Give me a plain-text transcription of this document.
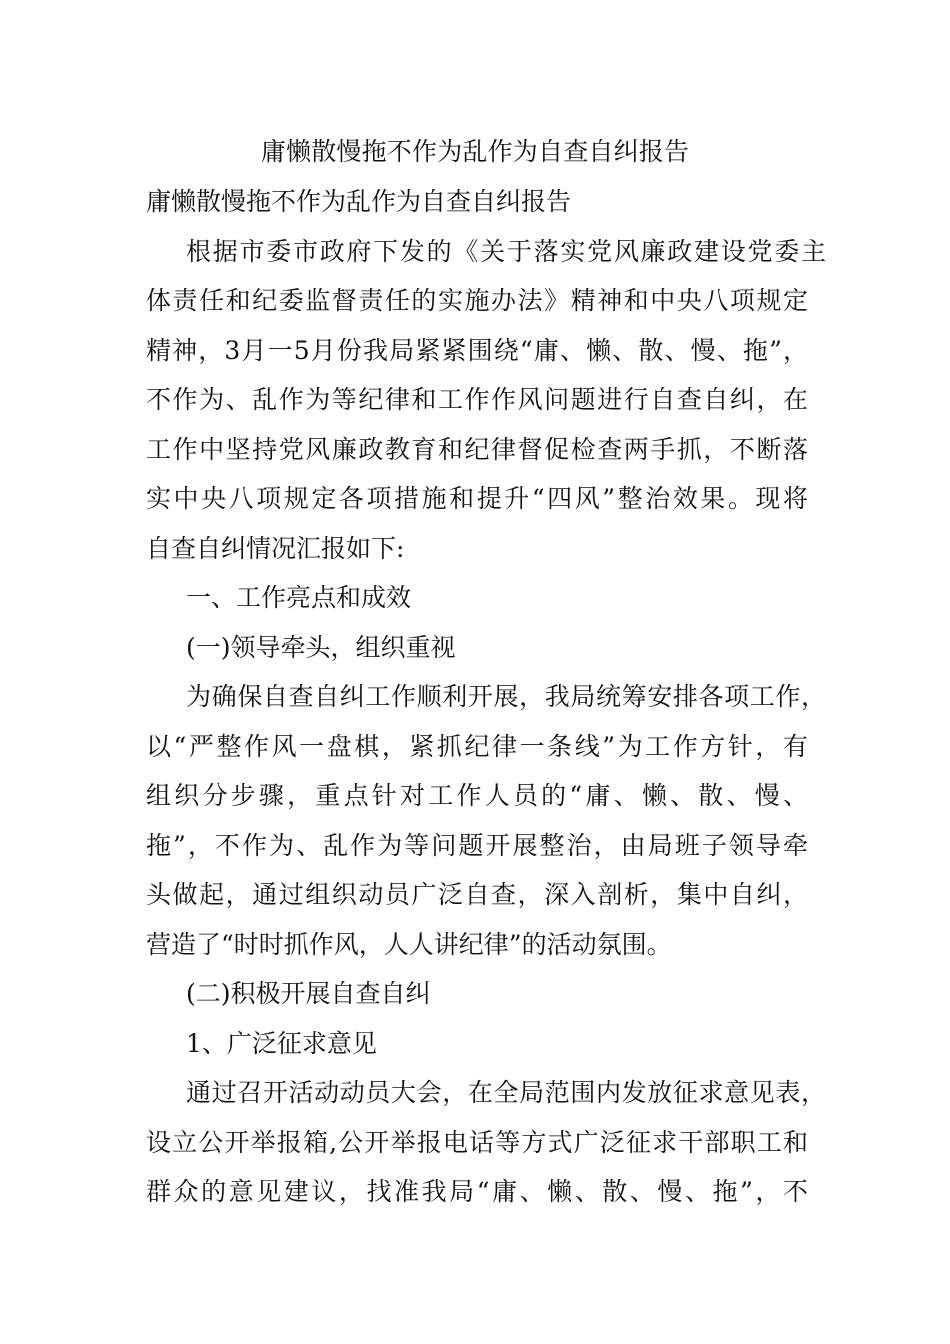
庸懒散慢拖不作为乱作为自查自纠报告
庸懒散慢拖不作为乱作为自查自纠报告
根据市委市政府下发的《关于落实党风廉政建设党委主
体责任和纪委监督责任的实施办法》精神和中央八项规定
精神，3月一5月份我局紧紧围绕“庸、懒、散、慢、拖”，
不作为、乱作为等纪律和工作作风问题进行自查自纠，在
工作中坚持党风廉政教育和纪律督促检查两手抓，不断落
实中央八项规定各项措施和提升“四风”整治效果。现将
自查自纠情况汇报如下:
一、工作亮点和成效
(一)领导牵头，组织重视
为确保自查自纠工作顺利开展，我局统筹安排各项工作，
以“严整作风一盘棋，紧抓纪律一条线”为工作方针，有
组织分步骤，重点针对工作人员的“庸、懒、散、慢、
拖”，不作为、乱作为等问题开展整治，由局班子领导牵
头做起，通过组织动员广泛自查，深入剖析，集中自纠，
营造了“时时抓作风，人人讲纪律”的活动氛围。
(二)积极开展自查自纠
1、广泛征求意见
通过召开活动动员大会，在全局范围内发放征求意见表，
设立公开举报箱,公开举报电话等方式广泛征求干部职工和
群众的意见建议，找准我局“庸、懒、散、慢、拖”，不
